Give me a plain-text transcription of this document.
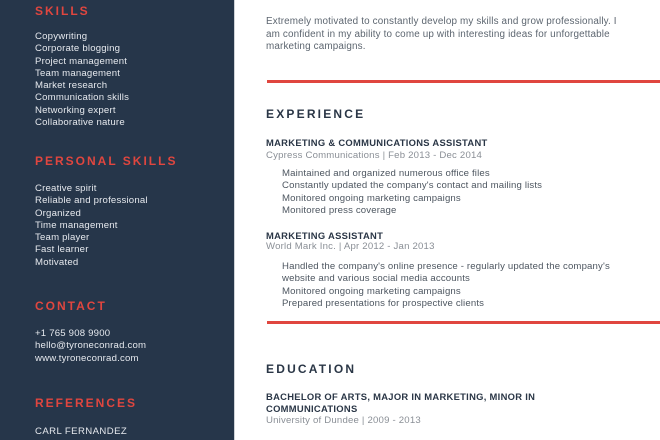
SKILLS
Copywriting
Corporate blogging
Project management
Team management
Market research
Communication skills
Networking expert
Collaborative nature
PERSONAL SKILLS
Creative spirit
Reliable and professional
Organized
Time management
Team player
Fast learner
Motivated
CONTACT
+1 765 908 9900
hello@tyroneconrad.com
www.tyroneconrad.com
REFERENCES
CARL FERNANDEZ

Extremely motivated to constantly develop my skills and grow professionally. I am confident in my ability to come up with interesting ideas for unforgettable marketing campaigns.

EXPERIENCE
MARKETING & COMMUNICATIONS ASSISTANT
Cypress Communications | Feb 2013 - Dec 2014
Maintained and organized numerous office files
Constantly updated the company's contact and mailing lists
Monitored ongoing marketing campaigns
Monitored press coverage
MARKETING ASSISTANT
World Mark Inc. | Apr 2012 - Jan 2013
Handled the company's online presence - regularly updated the company's website and various social media accounts
Monitored ongoing marketing campaigns
Prepared presentations for prospective clients
EDUCATION
BACHELOR OF ARTS, MAJOR IN MARKETING, MINOR IN COMMUNICATIONS
University of Dundee | 2009 - 2013
